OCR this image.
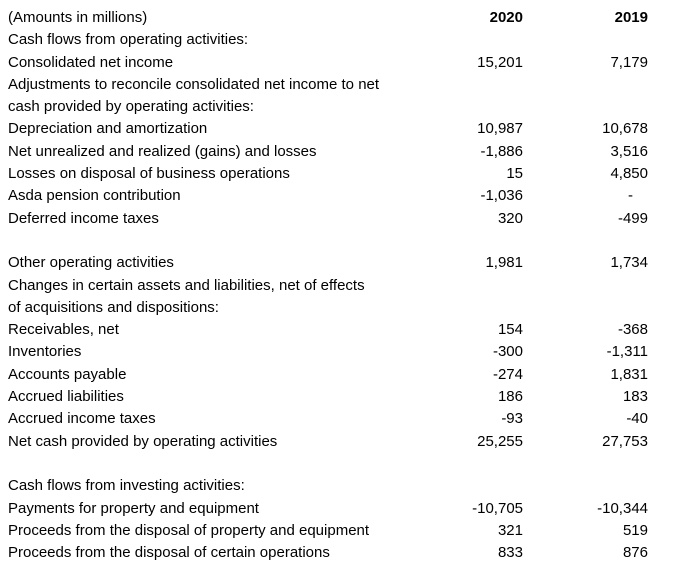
(Amounts in millions)	2020	2019
Cash flows from operating activities:
Consolidated net income	15,201	7,179
Adjustments to reconcile consolidated net income to net
cash provided by operating activities:
Depreciation and amortization	10,987	10,678
Net unrealized and realized (gains) and losses	-1,886	3,516
Losses on disposal of business operations	15	4,850
Asda pension contribution	-1,036	-
Deferred income taxes	320	-499
Other operating activities	1,981	1,734
Changes in certain assets and liabilities, net of effects
of acquisitions and dispositions:
Receivables, net	154	-368
Inventories	-300	-1,311
Accounts payable	-274	1,831
Accrued liabilities	186	183
Accrued income taxes	-93	-40
Net cash provided by operating activities	25,255	27,753
Cash flows from investing activities:
Payments for property and equipment	-10,705	-10,344
Proceeds from the disposal of property and equipment	321	519
Proceeds from the disposal of certain operations	833	876
